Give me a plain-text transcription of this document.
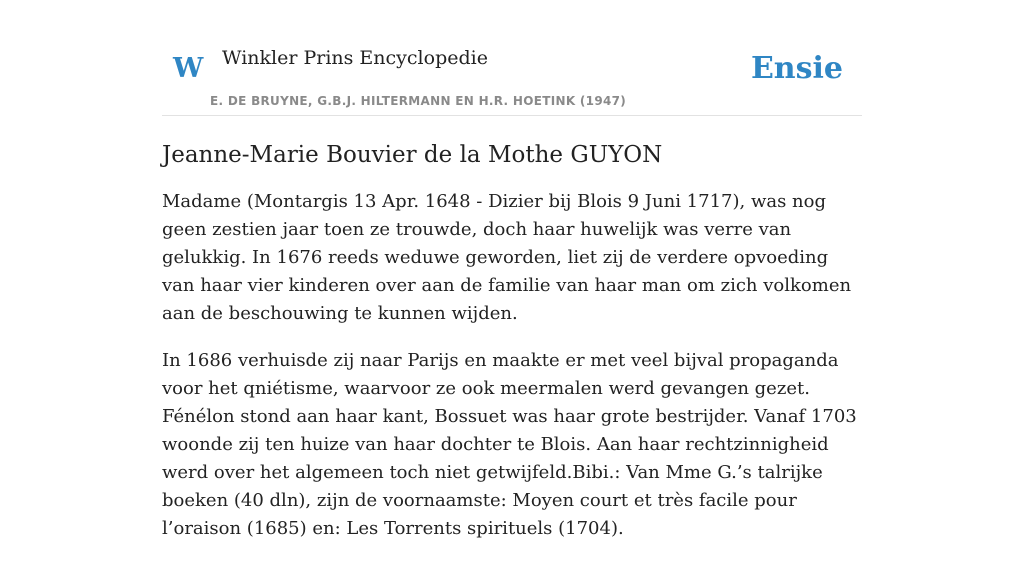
W Winkler Prins Encyclopedie
E. DE BRUYNE, G.B.J. HILTERMANN EN H.R. HOETINK (1947)
Ensie
Jeanne-Marie Bouvier de la Mothe GUYON

Madame (Montargis 13 Apr. 1648 - Dizier bij Blois 9 Juni 1717), was nog geen zestien jaar toen ze trouwde, doch haar huwelijk was verre van gelukkig. In 1676 reeds weduwe geworden, liet zij de verdere opvoeding van haar vier kinderen over aan de familie van haar man om zich volkomen aan de beschouwing te kunnen wijden.

In 1686 verhuisde zij naar Parijs en maakte er met veel bijval propaganda voor het qniétisme, waarvoor ze ook meermalen werd gevangen gezet. Fénélon stond aan haar kant, Bossuet was haar grote bestrijder. Vanaf 1703 woonde zij ten huize van haar dochter te Blois. Aan haar rechtzinnigheid werd over het algemeen toch niet getwijfeld.Bibi.: Van Mme G.’s talrijke boeken (40 dln), zijn de voornaamste: Moyen court et très facile pour l’oraison (1685) en: Les Torrents spirituels (1704).
